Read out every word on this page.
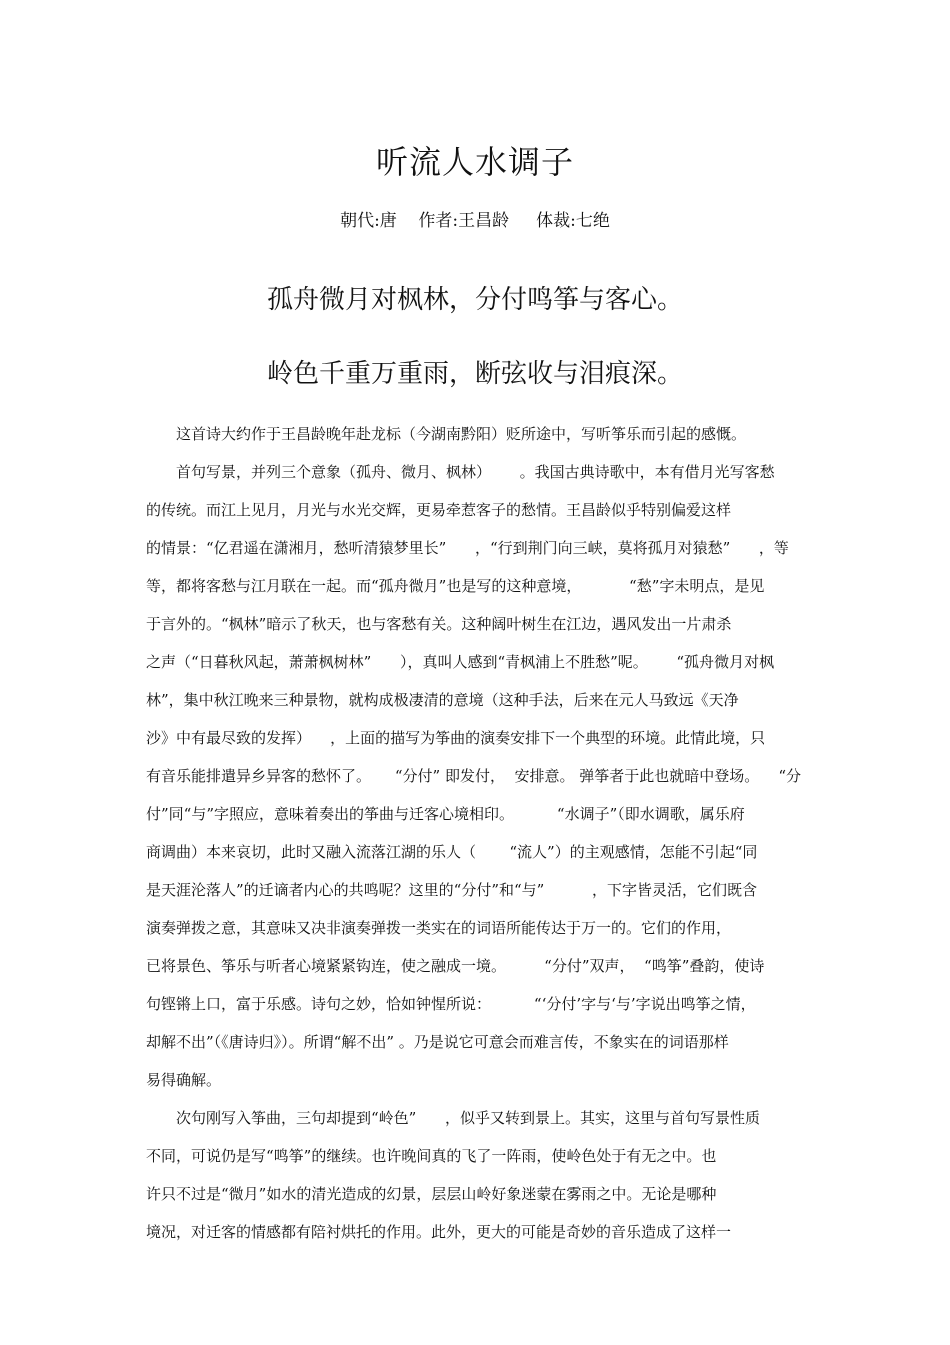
听流人水调子
朝代:唐    作者:王昌龄     体裁:七绝
孤舟微月对枫林，分付鸣筝与客心。
岭色千重万重雨，断弦收与泪痕深。
这首诗大约作于王昌龄晚年赴龙标（今湖南黔阳）贬所途中，写听筝乐而引起的感慨。
首句写景，并列三个意象（孤舟、微月、枫林）      。我国古典诗歌中，本有借月光写客愁
的传统。而江上见月，月光与水光交辉，更易牵惹客子的愁情。王昌龄似乎特别偏爱这样
的情景：“亿君遥在潇湘月，愁听清猿梦里长”      ，“行到荆门向三峡，莫将孤月对猿愁”      ，等
等，都将客愁与江月联在一起。而“孤舟微月”也是写的这种意境，          “愁”字未明点，是见
于言外的。“枫林”暗示了秋天，也与客愁有关。这种阔叶树生在江边，遇风发出一片肃杀
之声（“日暮秋风起，萧萧枫树林”      ），真叫人感到“青枫浦上不胜愁”呢。      “孤舟微月对枫
林”，集中秋江晚来三种景物，就构成极凄清的意境（这种手法，后来在元人马致远《天净
沙》中有最尽致的发挥）    ，上面的描写为筝曲的演奏安排下一个典型的环境。此情此境，只
有音乐能排遣异乡异客的愁怀了。     “分付” 即发付，  安排意。 弹筝者于此也就暗中登场。    “分
付”同“与”字照应，意味着奏出的筝曲与迁客心境相印。         “水调子”（即水调歌，属乐府
商调曲）本来哀切，此时又融入流落江湖的乐人（       “流人”）的主观感情，怎能不引起“同
是天涯沦落人”的迁谪者内心的共鸣呢？这里的“分付”和“与”          ，下字皆灵活，它们既含
演奏弹拨之意，其意味又决非演奏弹拨一类实在的词语所能传达于万一的。它们的作用，
已将景色、筝乐与听者心境紧紧钩连，使之融成一境。        “分付”双声，  “鸣筝”叠韵，使诗
句铿锵上口，富于乐感。诗句之妙，恰如钟惺所说：         “‘分付’字与‘与’字说出鸣筝之情，
却解不出”（《唐诗归》）。所谓“解不出” 。乃是说它可意会而难言传，不象实在的词语那样
易得确解。
次句刚写入筝曲，三句却提到“岭色”      ，似乎又转到景上。其实，这里与首句写景性质
不同，可说仍是写“鸣筝”的继续。也许晚间真的飞了一阵雨，使岭色处于有无之中。也
许只不过是“微月”如水的清光造成的幻景，层层山岭好象迷蒙在雾雨之中。无论是哪种
境况，对迁客的情感都有陪衬烘托的作用。此外，更大的可能是奇妙的音乐造成了这样一
